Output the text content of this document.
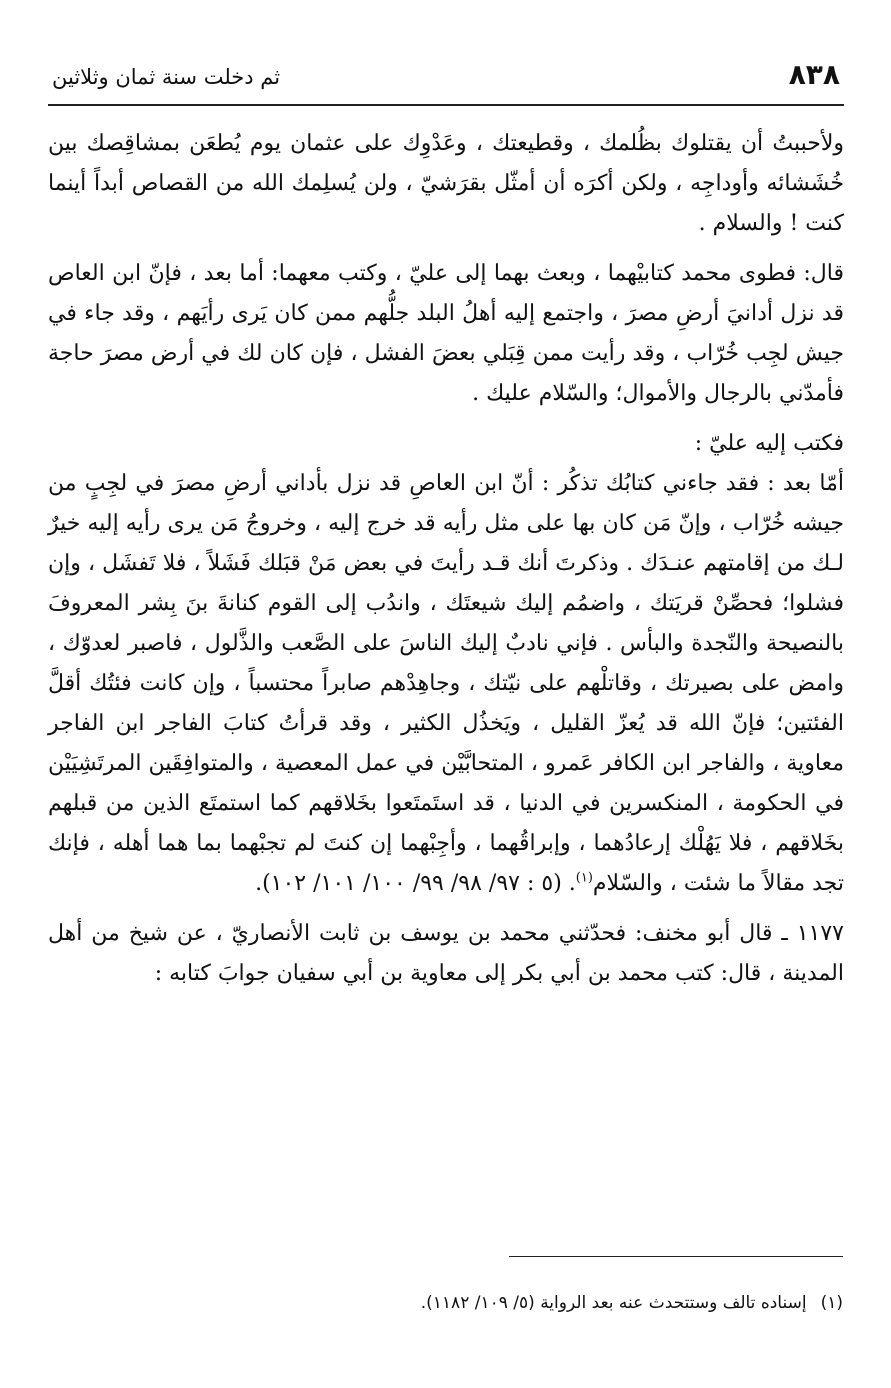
٨٣٨
ثم دخلت سنة ثمان وثلاثين

ولأحببتُ أن يقتلوك بظُلمك ، وقطيعتك ، وعَدْوِك على عثمان يوم يُطعَن بمشاقِصك بين خُشَشائه وأوداجِه ، ولكن أكرَه أن أمثّل بقرَشيّ ، ولن يُسلِمك الله من القصاص أبداً أينما كنت ! والسلام .

قال: فطوى محمد كتابيْهما ، وبعث بهما إلى عليّ ، وكتب معهما: أما بعد ، فإنّ ابن العاص قد نزل أدانيَ أرضِ مصرَ ، واجتمع إليه أهلُ البلد جلُّهم ممن كان يَرى رأيَهم ، وقد جاء في جيش لجِب خُرّاب ، وقد رأيت ممن قِبَلي بعضَ الفشل ، فإن كان لك في أرض مصرَ حاجة فأمدّني بالرجال والأموال؛ والسّلام عليك .

فكتب إليه عليّ :

أمّا بعد : فقد جاءني كتابُك تذكُر : أنّ ابن العاصِ قد نزل بأداني أرضِ مصرَ في لجِبٍ من جيشه خُرّاب ، وإنّ مَن كان بها على مثل رأيه قد خرج إليه ، وخروجُ مَن يرى رأيه إليه خيرٌ لـك من إقامتهم عنـدَك . وذكرتَ أنك قـد رأيتَ في بعض مَنْ قبَلك فَشَلاً ، فلا تَفشَل ، وإن فشلوا؛ فحصِّنْ قريَتك ، واضمُم إليك شيعتَك ، واندُب إلى القوم كنانةَ بنَ بِشر المعروفَ بالنصيحة والنّجدة والبأس . فإني نادبٌ إليك الناسَ على الصَّعب والذَّلول ، فاصبر لعدوّك ، وامض على بصيرتك ، وقاتلْهم على نيّتك ، وجاهِدْهم صابراً محتسباً ، وإن كانت فئتُك أقلَّ الفئتين؛ فإنّ الله قد يُعزّ القليل ، ويَخذُل الكثير ، وقد قرأتُ كتابَ الفاجر ابن الفاجر معاوية ، والفاجر ابن الكافر عَمرو ، المتحابَّيْن في عمل المعصية ، والمتوافِقَين المرتَشِيَيْن في الحكومة ، المنكسرين في الدنيا ، قد استَمتَعوا بخَلاقهم كما استمتَع الذين من قبلهم بخَلاقهم ، فلا يَهُلْك إرعادُهما ، وإبراقُهما ، وأجِبْهما إن كنتَ لم تجبْهما بما هما أهله ، فإنك تجد مقالاً ما شئت ، والسّلام$^{(١)}$. (٥ : ٩٧/ ٩٨/ ٩٩/ ١٠٠/ ١٠١/ ١٠٢).

١١٧٧ ـ قال أبو مخنف: فحدّثني محمد بن يوسف بن ثابت الأنصاريّ ، عن شيخ من أهل المدينة ، قال: كتب محمد بن أبي بكر إلى معاوية بن أبي سفيان جوابَ كتابه :

(١)إسناده تالف وستتحدث عنه بعد الرواية (٥/ ١٠٩/ ١١٨٢).
